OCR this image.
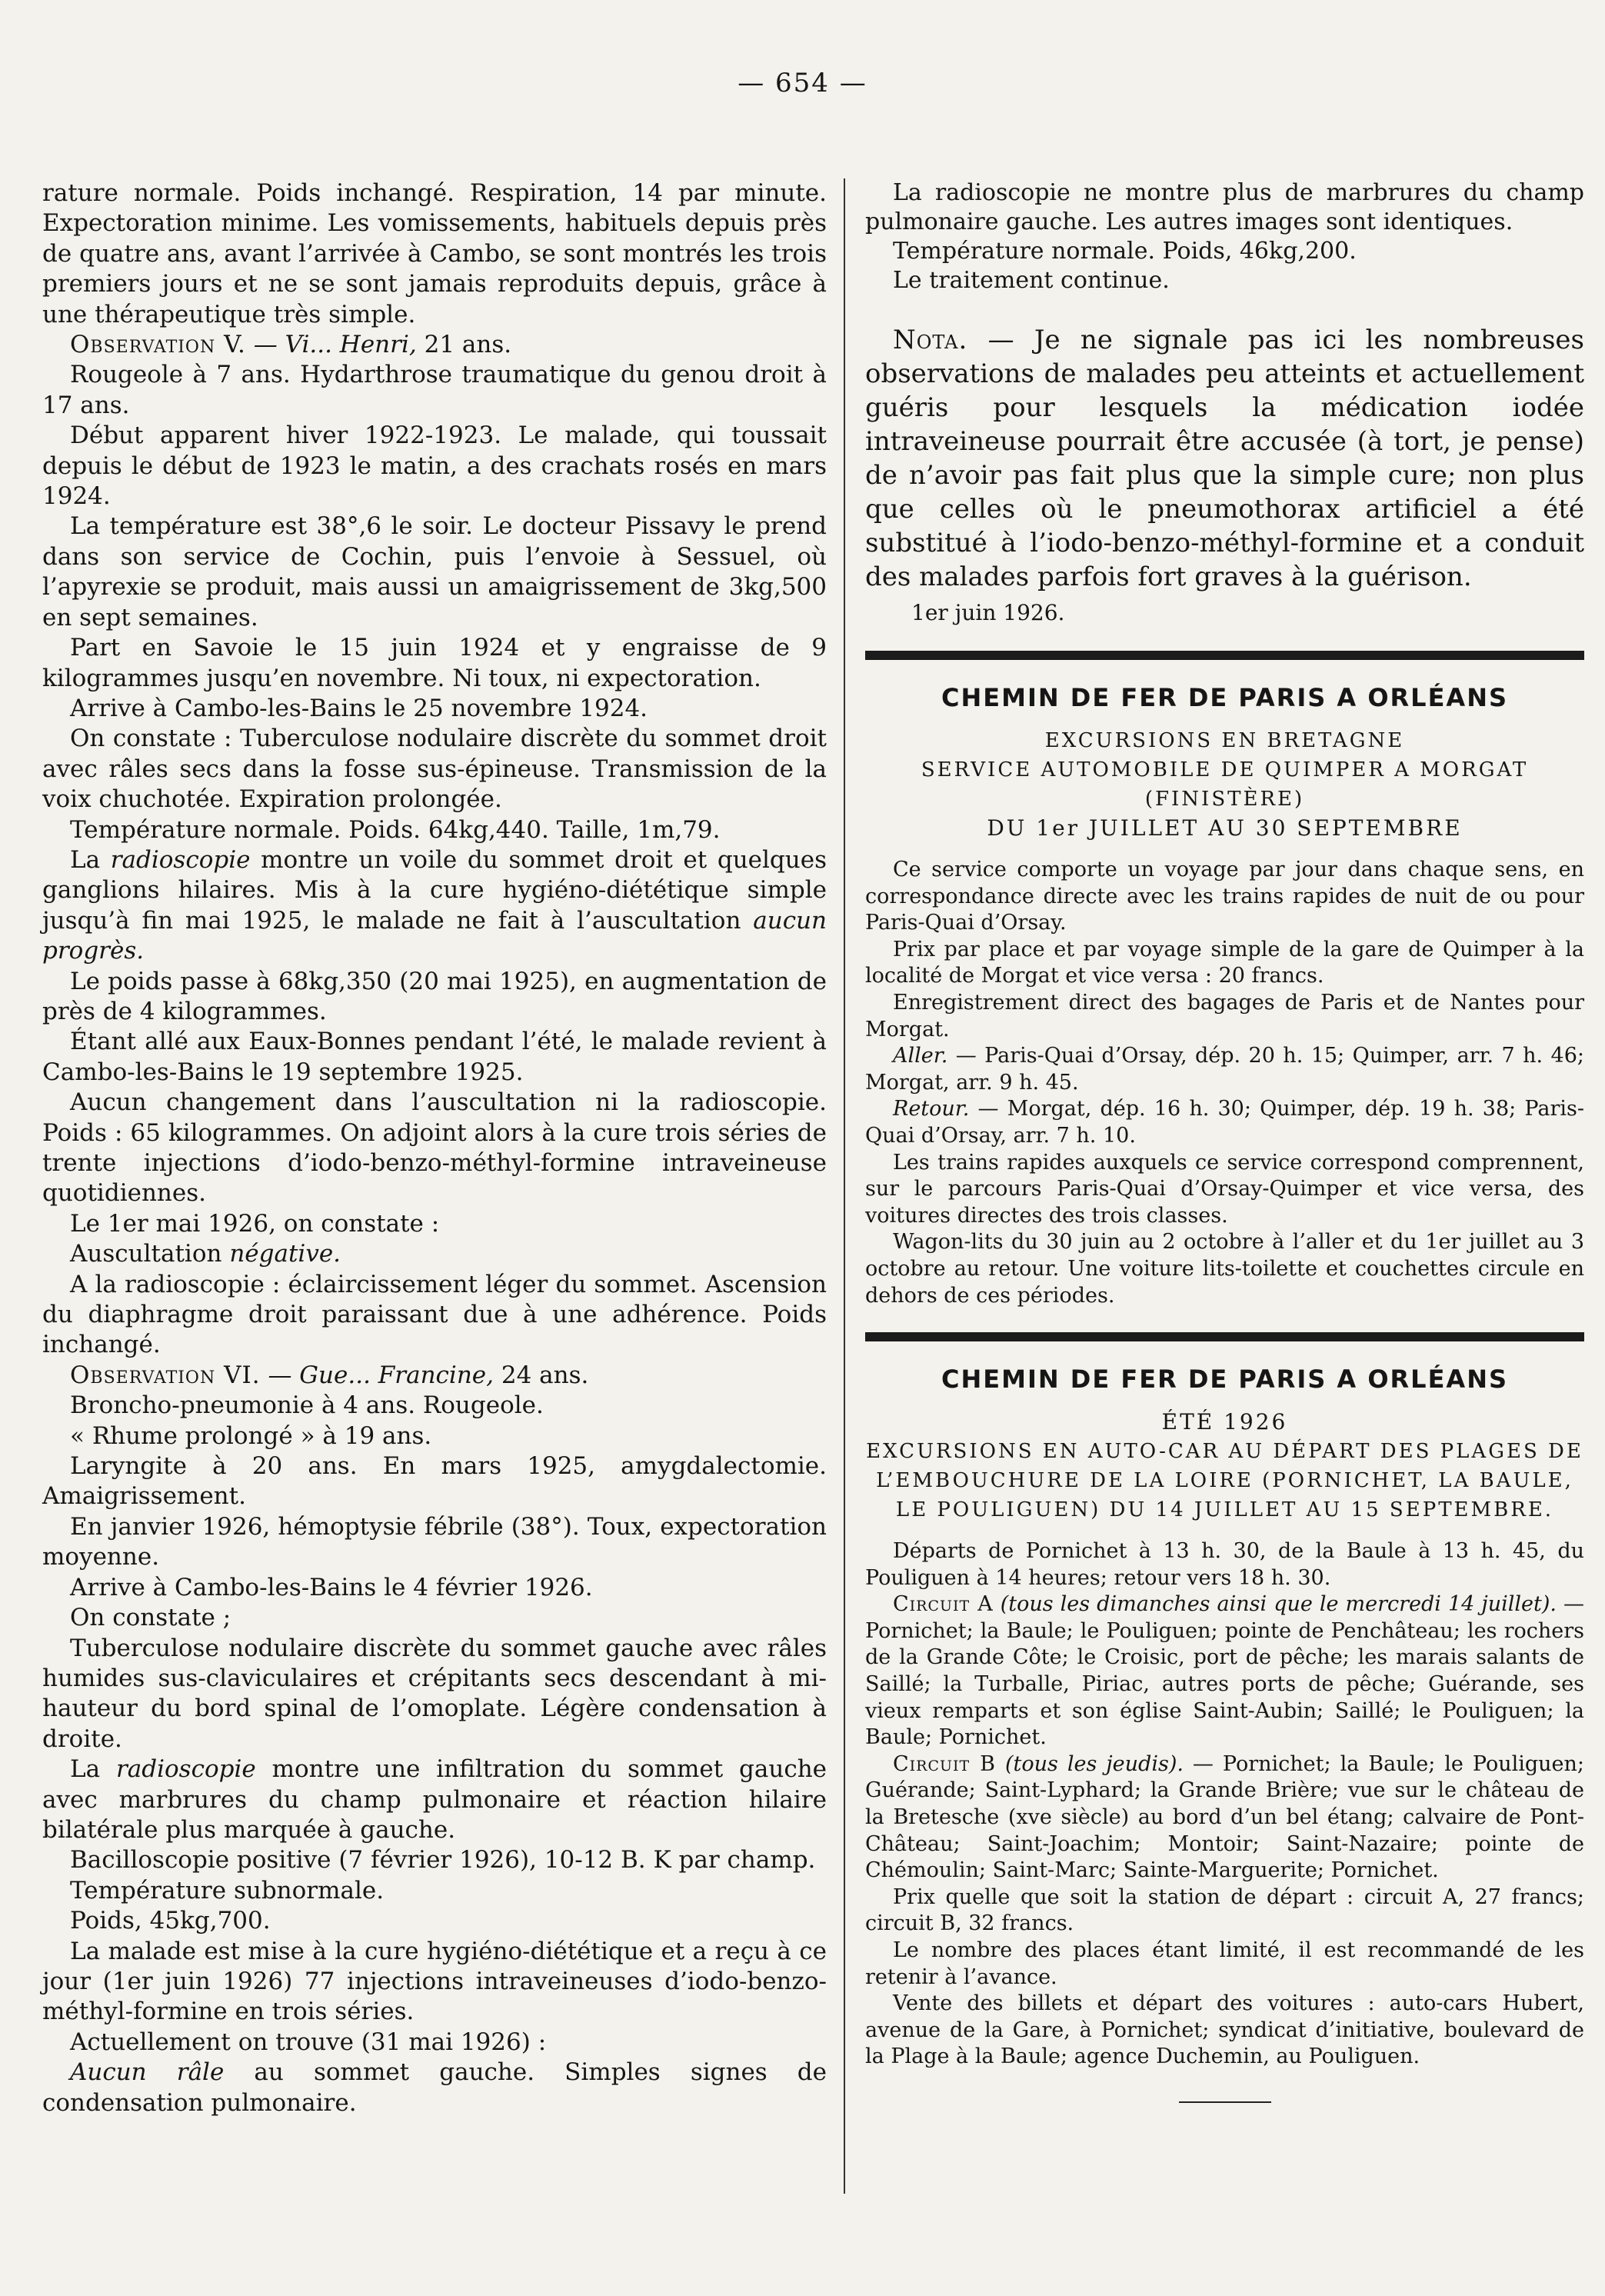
— 654 —

rature normale. Poids inchangé. Respiration, 14 par minute. Expectoration minime. Les vomissements, habituels depuis près de quatre ans, avant l’arrivée à Cambo, se sont montrés les trois premiers jours et ne se sont jamais reproduits depuis, grâce à une thérapeutique très simple.

Observation V. — Vi... Henri, 21 ans.

Rougeole à 7 ans. Hydarthrose traumatique du genou droit à 17 ans.

Début apparent hiver 1922-1923. Le malade, qui toussait depuis le début de 1923 le matin, a des crachats rosés en mars 1924.

La température est 38°,6 le soir. Le docteur Pissavy le prend dans son service de Cochin, puis l’envoie à Sessuel, où l’apyrexie se produit, mais aussi un amaigrissement de 3kg,500 en sept semaines.

Part en Savoie le 15 juin 1924 et y engraisse de 9 kilogrammes jusqu’en novembre. Ni toux, ni expectoration.

Arrive à Cambo-les-Bains le 25 novembre 1924.

On constate : Tuberculose nodulaire discrète du sommet droit avec râles secs dans la fosse sus-épineuse. Transmission de la voix chuchotée. Expiration prolongée.

Température normale. Poids. 64kg,440. Taille, 1m,79.

La radioscopie montre un voile du sommet droit et quelques ganglions hilaires. Mis à la cure hygiéno-diététique simple jusqu’à fin mai 1925, le malade ne fait à l’auscultation aucun progrès.

Le poids passe à 68kg,350 (20 mai 1925), en augmentation de près de 4 kilogrammes.

Étant allé aux Eaux-Bonnes pendant l’été, le malade revient à Cambo-les-Bains le 19 septembre 1925.

Aucun changement dans l’auscultation ni la radioscopie. Poids : 65 kilogrammes. On adjoint alors à la cure trois séries de trente injections d’iodo-benzo-méthyl-formine intraveineuse quotidiennes.

Le 1er mai 1926, on constate :

Auscultation négative.

A la radioscopie : éclaircissement léger du sommet. Ascension du diaphragme droit paraissant due à une adhérence. Poids inchangé.

Observation VI. — Gue... Francine, 24 ans.

Broncho-pneumonie à 4 ans. Rougeole.

« Rhume prolongé » à 19 ans.

Laryngite à 20 ans. En mars 1925, amygdalectomie. Amaigrissement.

En janvier 1926, hémoptysie fébrile (38°). Toux, expectoration moyenne.

Arrive à Cambo-les-Bains le 4 février 1926.

On constate ;

Tuberculose nodulaire discrète du sommet gauche avec râles humides sus-claviculaires et crépitants secs descendant à mi-hauteur du bord spinal de l’omoplate. Légère condensation à droite.

La radioscopie montre une infiltration du sommet gauche avec marbrures du champ pulmonaire et réaction hilaire bilatérale plus marquée à gauche.

Bacilloscopie positive (7 février 1926), 10-12 B. K par champ.

Température subnormale.

Poids, 45kg,700.

La malade est mise à la cure hygiéno-diététique et a reçu à ce jour (1er juin 1926) 77 injections intraveineuses d’iodo-benzo-méthyl-formine en trois séries.

Actuellement on trouve (31 mai 1926) :

Aucun râle au sommet gauche. Simples signes de condensation pulmonaire.

La radioscopie ne montre plus de marbrures du champ pulmonaire gauche. Les autres images sont identiques.

Température normale. Poids, 46kg,200.

Le traitement continue.

Nota. — Je ne signale pas ici les nombreuses observations de malades peu atteints et actuellement guéris pour lesquels la médication iodée intraveineuse pourrait être accusée (à tort, je pense) de n’avoir pas fait plus que la simple cure; non plus que celles où le pneumothorax artificiel a été substitué à l’iodo-benzo-méthyl-formine et a conduit des malades parfois fort graves à la guérison.

1er juin 1926.

CHEMIN DE FER DE PARIS A ORLÉANS
EXCURSIONS EN BRETAGNE
SERVICE AUTOMOBILE DE QUIMPER A MORGAT (FINISTÈRE)
DU 1er JUILLET AU 30 SEPTEMBRE

Ce service comporte un voyage par jour dans chaque sens, en correspondance directe avec les trains rapides de nuit de ou pour Paris-Quai d’Orsay.

Prix par place et par voyage simple de la gare de Quimper à la localité de Morgat et vice versa : 20 francs.

Enregistrement direct des bagages de Paris et de Nantes pour Morgat.

Aller. — Paris-Quai d’Orsay, dép. 20 h. 15; Quimper, arr. 7 h. 46; Morgat, arr. 9 h. 45.

Retour. — Morgat, dép. 16 h. 30; Quimper, dép. 19 h. 38; Paris-Quai d’Orsay, arr. 7 h. 10.

Les trains rapides auxquels ce service correspond comprennent, sur le parcours Paris-Quai d’Orsay-Quimper et vice versa, des voitures directes des trois classes.

Wagon-lits du 30 juin au 2 octobre à l’aller et du 1er juillet au 3 octobre au retour. Une voiture lits-toilette et couchettes circule en dehors de ces périodes.

CHEMIN DE FER DE PARIS A ORLÉANS
ÉTÉ 1926
EXCURSIONS EN AUTO-CAR AU DÉPART DES PLAGES DE L’EMBOUCHURE DE LA LOIRE (PORNICHET, LA BAULE, LE POULIGUEN) DU 14 JUILLET AU 15 SEPTEMBRE.

Départs de Pornichet à 13 h. 30, de la Baule à 13 h. 45, du Pouliguen à 14 heures; retour vers 18 h. 30.

Circuit A (tous les dimanches ainsi que le mercredi 14 juillet). — Pornichet; la Baule; le Pouliguen; pointe de Penchâteau; les rochers de la Grande Côte; le Croisic, port de pêche; les marais salants de Saillé; la Turballe, Piriac, autres ports de pêche; Guérande, ses vieux remparts et son église Saint-Aubin; Saillé; le Pouliguen; la Baule; Pornichet.

Circuit B (tous les jeudis). — Pornichet; la Baule; le Pouliguen; Guérande; Saint-Lyphard; la Grande Brière; vue sur le château de la Bretesche (xve siècle) au bord d’un bel étang; calvaire de Pont-Château; Saint-Joachim; Montoir; Saint-Nazaire; pointe de Chémoulin; Saint-Marc; Sainte-Marguerite; Pornichet.

Prix quelle que soit la station de départ : circuit A, 27 francs; circuit B, 32 francs.

Le nombre des places étant limité, il est recommandé de les retenir à l’avance.

Vente des billets et départ des voitures : auto-cars Hubert, avenue de la Gare, à Pornichet; syndicat d’initiative, boulevard de la Plage à la Baule; agence Duchemin, au Pouliguen.
